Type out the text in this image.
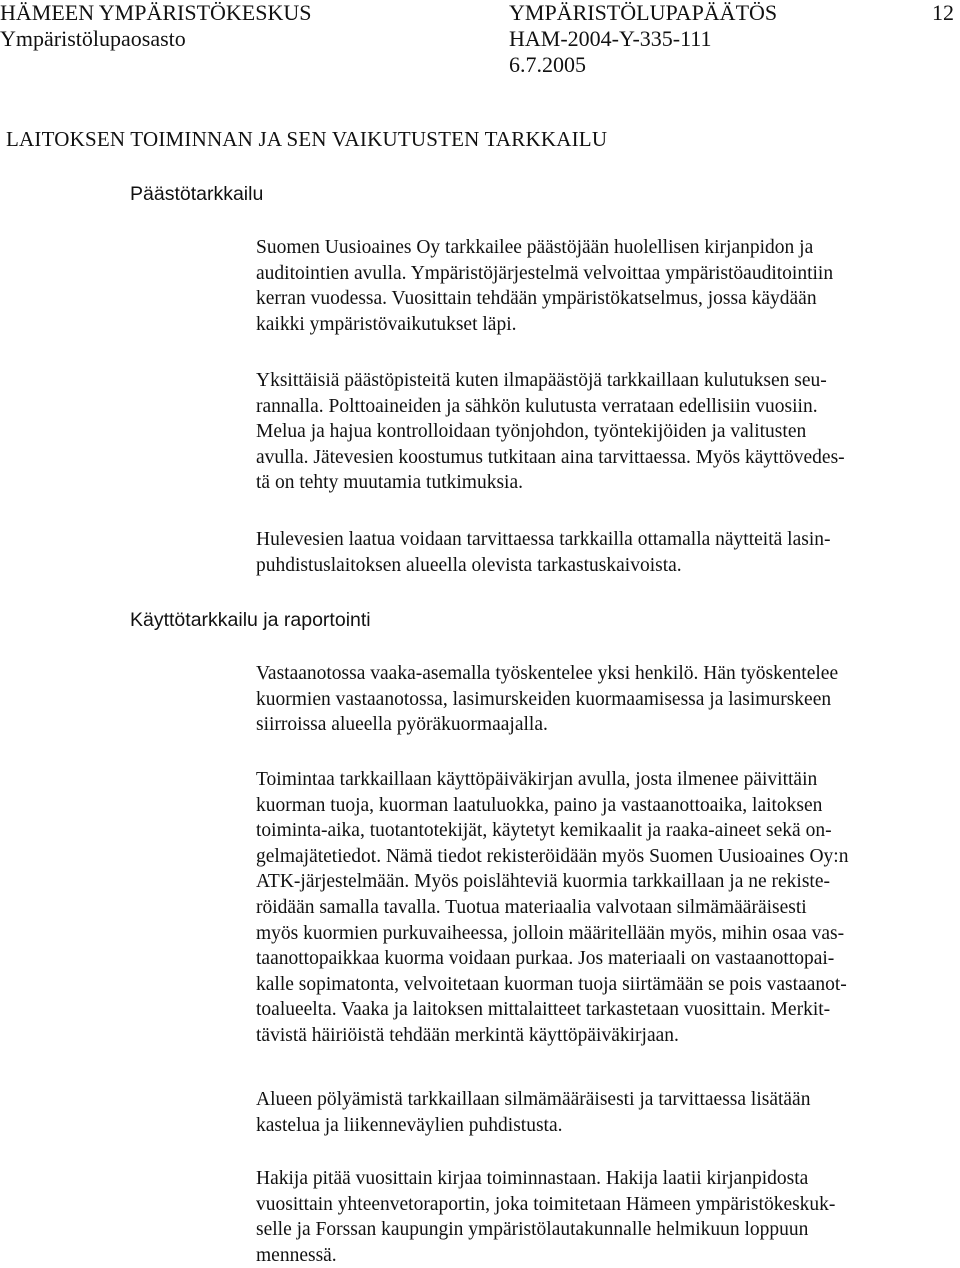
HÄMEEN YMPÄRISTÖKESKUS
Ympäristölupaosasto
YMPÄRISTÖLUPAPÄÄTÖS
HAM-2004-Y-335-111
6.7.2005
12
LAITOKSEN TOIMINNAN JA SEN VAIKUTUSTEN TARKKAILU
Päästötarkkailu
Suomen Uusioaines Oy tarkkailee päästöjään huolellisen kirjanpidon ja
auditointien avulla. Ympäristöjärjestelmä velvoittaa ympäristöauditointiin
kerran vuodessa. Vuosittain tehdään ympäristökatselmus, jossa käydään
kaikki ympäristövaikutukset läpi.
Yksittäisiä päästöpisteitä kuten ilmapäästöjä tarkkaillaan kulutuksen seu-
rannalla. Polttoaineiden ja sähkön kulutusta verrataan edellisiin vuosiin.
Melua ja hajua kontrolloidaan työnjohdon, työntekijöiden ja valitusten
avulla. Jätevesien koostumus tutkitaan aina tarvittaessa. Myös käyttövedes-
tä on tehty muutamia tutkimuksia.
Hulevesien laatua voidaan tarvittaessa tarkkailla ottamalla näytteitä lasin-
puhdistuslaitoksen alueella olevista tarkastuskaivoista.
Käyttötarkkailu ja raportointi
Vastaanotossa vaaka-asemalla työskentelee yksi henkilö. Hän työskentelee
kuormien vastaanotossa, lasimurskeiden kuormaamisessa ja lasimurskeen
siirroissa alueella pyöräkuormaajalla.
Toimintaa tarkkaillaan käyttöpäiväkirjan avulla, josta ilmenee päivittäin
kuorman tuoja, kuorman laatuluokka, paino ja vastaanottoaika, laitoksen
toiminta-aika, tuotantotekijät, käytetyt kemikaalit ja raaka-aineet sekä on-
gelmajätetiedot. Nämä tiedot rekisteröidään myös Suomen Uusioaines Oy:n
ATK-järjestelmään. Myös poislähteviä kuormia tarkkaillaan ja ne rekiste-
röidään samalla tavalla. Tuotua materiaalia valvotaan silmämääräisesti
myös kuormien purkuvaiheessa, jolloin määritellään myös, mihin osaa vas-
taanottopaikkaa kuorma voidaan purkaa. Jos materiaali on vastaanottopai-
kalle sopimatonta, velvoitetaan kuorman tuoja siirtämään se pois vastaanot-
toalueelta. Vaaka ja laitoksen mittalaitteet tarkastetaan vuosittain. Merkit-
tävistä häiriöistä tehdään merkintä käyttöpäiväkirjaan.
Alueen pölyämistä tarkkaillaan silmämääräisesti ja tarvittaessa lisätään
kastelua ja liikenneväylien puhdistusta.
Hakija pitää vuosittain kirjaa toiminnastaan. Hakija laatii kirjanpidosta
vuosittain yhteenvetoraportin, joka toimitetaan Hämeen ympäristökeskuk-
selle ja Forssan kaupungin ympäristölautakunnalle helmikuun loppuun
mennessä.
